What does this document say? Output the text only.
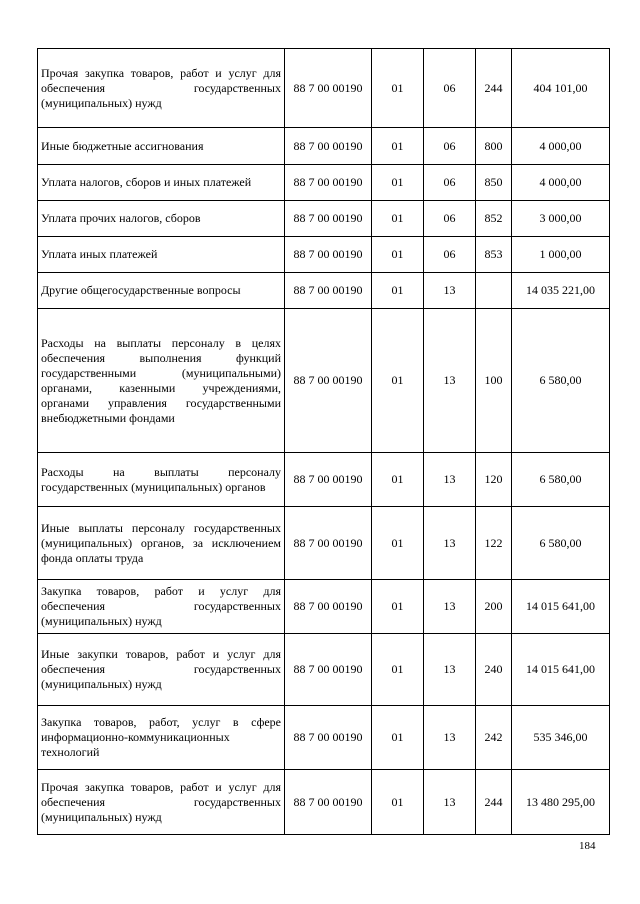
Прочая закупка товаров, работ и услуг для обеспечения государственных (муниципальных) нужд	88 7 00 00190	01	06	244	404 101,00
Иные бюджетные ассигнования	88 7 00 00190	01	06	800	4 000,00
Уплата налогов, сборов и иных платежей	88 7 00 00190	01	06	850	4 000,00
Уплата прочих налогов, сборов	88 7 00 00190	01	06	852	3 000,00
Уплата иных платежей	88 7 00 00190	01	06	853	1 000,00
Другие общегосударственные вопросы	88 7 00 00190	01	13		14 035 221,00
Расходы на выплаты персоналу в целях обеспечения выполнения функций государственными (муниципальными) органами, казенными учреждениями, органами управления государственными внебюджетными фондами	88 7 00 00190	01	13	100	6 580,00
Расходы на выплаты персоналу государственных (муниципальных) органов	88 7 00 00190	01	13	120	6 580,00
Иные выплаты персоналу государственных (муниципальных) органов, за исключением фонда оплаты труда	88 7 00 00190	01	13	122	6 580,00
Закупка товаров, работ и услуг для обеспечения государственных (муниципальных) нужд	88 7 00 00190	01	13	200	14 015 641,00
Иные закупки товаров, работ и услуг для обеспечения государственных (муниципальных) нужд	88 7 00 00190	01	13	240	14 015 641,00
Закупка товаров, работ, услуг в сфере информационно-коммуникационных технологий	88 7 00 00190	01	13	242	535 346,00
Прочая закупка товаров, работ и услуг для обеспечения государственных (муниципальных) нужд	88 7 00 00190	01	13	244	13 480 295,00
184
